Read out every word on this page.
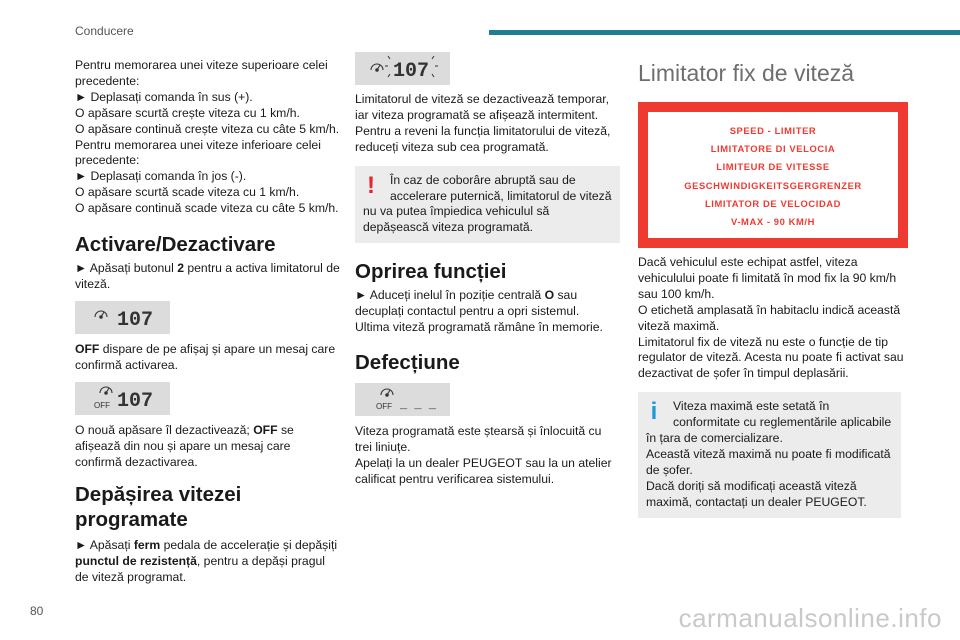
Conducere

Pentru memorarea unei viteze superioare celei precedente:
► Deplasați comanda în sus (+).
O apăsare scurtă crește viteza cu 1 km/h.
O apăsare continuă crește viteza cu câte 5 km/h.
Pentru memorarea unei viteze inferioare celei precedente:
► Deplasați comanda în jos (-).
O apăsare scurtă scade viteza cu 1 km/h.
O apăsare continuă scade viteza cu câte 5 km/h.

Activare/Dezactivare

► Apăsați butonul 2 pentru a activa limitatorul de viteză.

107

OFF dispare de pe afișaj și apare un mesaj care confirmă activarea.

OFF 107

O nouă apăsare îl dezactivează; OFF se afișează din nou și apare un mesaj care confirmă dezactivarea.

Depășirea vitezei programate

► Apăsați ferm pedala de accelerație și depășiți punctul de rezistență, pentru a depăși pragul de viteză programat.

107

Limitatorul de viteză se dezactivează temporar, iar viteza programată se afișează intermitent.
Pentru a reveni la funcția limitatorului de viteză, reduceți viteza sub cea programată.

!	În caz de coborâre abruptă sau de accelerare puternică, limitatorul de viteză

nu va putea împiedica vehiculul să depășească viteza programată.

Oprirea funcției

► Aduceți inelul în poziție centrală O sau decuplați contactul pentru a opri sistemul.
Ultima viteză programată rămâne în memorie.

Defecțiune
OFF _ _ _

Viteza programată este ștearsă și înlocuită cu trei liniuțe.
Apelați la un dealer PEUGEOT sau la un atelier calificat pentru verificarea sistemului.

Limitator fix de viteză
SPEED - LIMITER
LIMITATORE DI VELOCIA
LIMITEUR DE VITESSE
GESCHWINDIGKEITSGERGRENZER
LIMITATOR DE VELOCIDAD
V-MAX - 90 KM/H

Dacă vehiculul este echipat astfel, viteza vehiculului poate fi limitată în mod fix la 90 km/h sau 100 km/h.
O etichetă amplasată în habitaclu indică această viteză maximă.
Limitatorul fix de viteză nu este o funcție de tip regulator de viteză. Acesta nu poate fi activat sau dezactivat de șofer în timpul deplasării.

i	Viteza maximă este setată în conformitate cu reglementările aplicabile

în țara de comercializare.
Această viteză maximă nu poate fi modificată de șofer.
Dacă doriți să modificați această viteză maximă, contactați un dealer PEUGEOT.

80	carmanualsonline.info
